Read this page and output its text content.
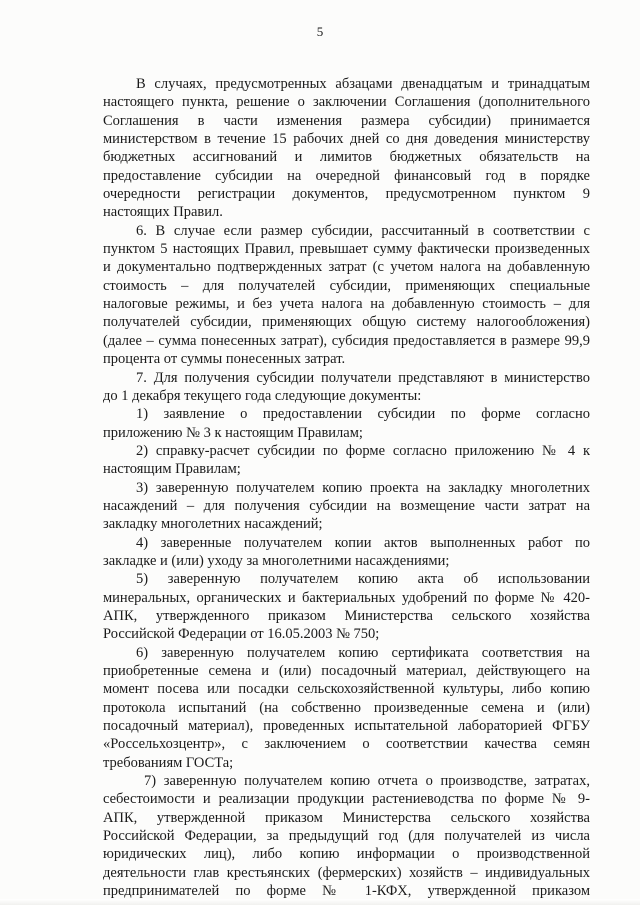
5
В случаях, предусмотренных абзацами двенадцатым и тринадцатым
настоящего пункта, решение о заключении Соглашения (дополнительного
Соглашения в части изменения размера субсидии) принимается
министерством в течение 15 рабочих дней со дня доведения министерству
бюджетных ассигнований и лимитов бюджетных обязательств на
предоставление субсидии на очередной финансовый год в порядке
очередности регистрации документов, предусмотренном пунктом 9
настоящих Правил.
6. В случае если размер субсидии, рассчитанный в соответствии с
пунктом 5 настоящих Правил, превышает сумму фактически произведенных
и документально подтвержденных затрат (с учетом налога на добавленную
стоимость – для получателей субсидии, применяющих специальные
налоговые режимы, и без учета налога на добавленную стоимость – для
получателей субсидии, применяющих общую систему налогообложения)
(далее – сумма понесенных затрат), субсидия предоставляется в размере 99,9
процента от суммы понесенных затрат.
7. Для получения субсидии получатели представляют в министерство
до 1 декабря текущего года следующие документы:
1) заявление о предоставлении субсидии по форме согласно
приложению № 3 к настоящим Правилам;
2) справку-расчет субсидии по форме согласно приложению № 4 к
настоящим Правилам;
3) заверенную получателем копию проекта на закладку многолетних
насаждений – для получения субсидии на возмещение части затрат на
закладку многолетних насаждений;
4) заверенные получателем копии актов выполненных работ по
закладке и (или) уходу за многолетними насаждениями;
5) заверенную получателем копию акта об использовании
минеральных, органических и бактериальных удобрений по форме № 420-
АПК, утвержденного приказом Министерства сельского хозяйства
Российской Федерации от 16.05.2003 № 750;
6) заверенную получателем копию сертификата соответствия на
приобретенные семена и (или) посадочный материал, действующего на
момент посева или посадки сельскохозяйственной культуры, либо копию
протокола испытаний (на собственно произведенные семена и (или)
посадочный материал), проведенных испытательной лабораторией ФГБУ
«Россельхозцентр», с заключением о соответствии качества семян
требованиям ГОСТа;
7) заверенную получателем копию отчета о производстве, затратах,
себестоимости и реализации продукции растениеводства по форме № 9-
АПК, утвержденной приказом Министерства сельского хозяйства
Российской Федерации, за предыдущий год (для получателей из числа
юридических лиц), либо копию информации о производственной
деятельности глав крестьянских (фермерских) хозяйств – индивидуальных
предпринимателей по форме № 1-КФХ, утвержденной приказом
